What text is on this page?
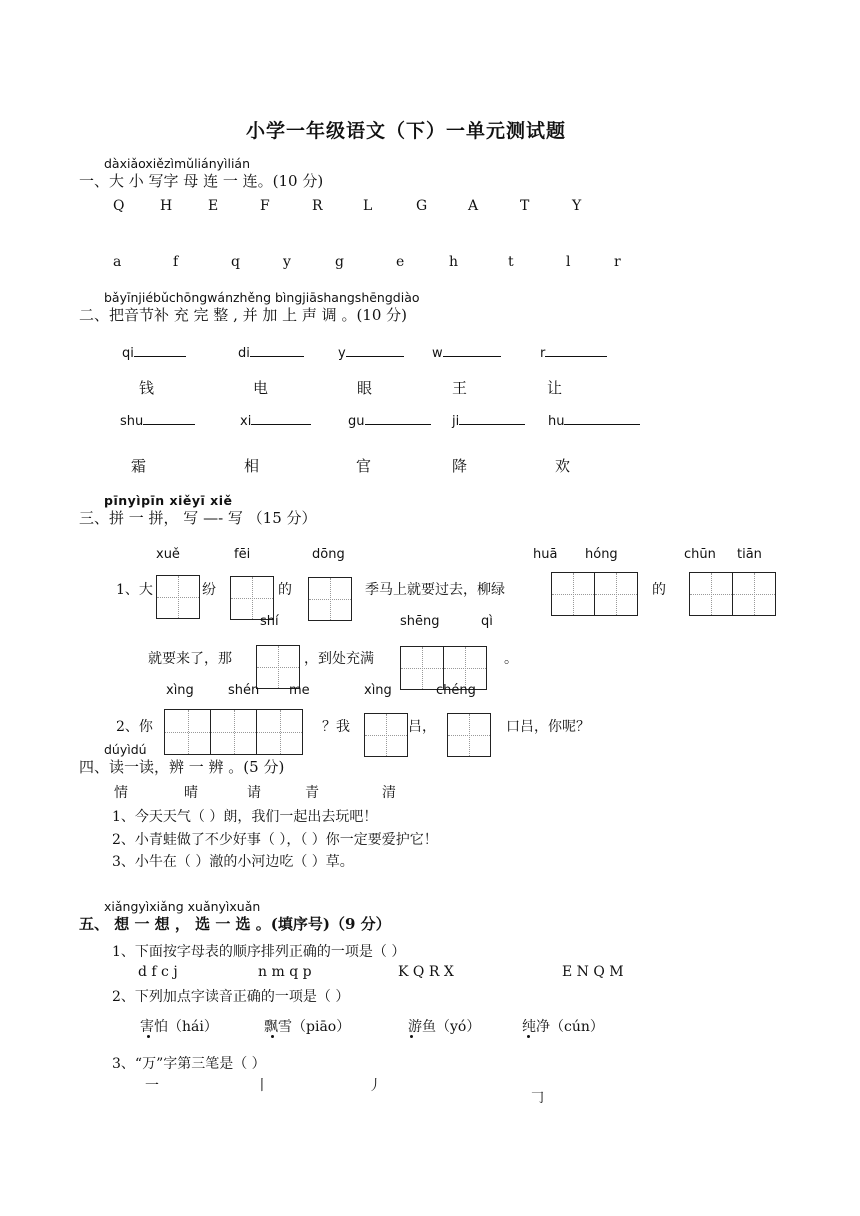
小学一年级语文（下）一单元测试题
dàxiǎoxiězìmǔliányìlián
一、大 小 写字 母 连 一 连。(10 分)
Q	H	E	F	R	L	G	A	T	Y
a	f	q	y	g	e	h	t	l	r
bǎyīnjiébǔchōngwánzhěng bìngjiāshangshēngdiào
二、把音节补 充 完 整 , 并 加 上 声 调 。(10 分)
qi	di	y	w	r
钱	电	眼	王	让
shu	xi	gu	ji	hu
霜	相	官	降	欢
pīnyìpīn xiěyī xiě
三、拼 一 拼， 写 —- 写 （15 分）
xuě	fēi	dōng	huā hóng	chūn tiān
1、大	纷	的	季马上就要过去，柳绿	的
shí	shēng	qì
就要来了，那	，到处充满	。
xìng	shén me	xìng	chéng
2、你	？我	吕，	口吕，你呢？
dúyìdú
四、读一读，辨 一 辨 。(5 分)
情	晴	请	青	清
1、今天天气（ ）朗，我们一起出去玩吧！
2、小青蛙做了不少好事（ ），（ ）你一定要爱护它！
3、小牛在（ ）澈的小河边吃（ ）草。
xiǎngyìxiǎng xuǎnyìxuǎn
五、 想 一 想 ， 选 一 选 。(填序号)（9 分）
1、下面按字母表的顺序排列正确的一项是（ ）
d f c j	n m q p	K Q R X	E N Q M
2、下列加点字读音正确的一项是（ ）
害怕（hái）	飘雪（piāo）	游鱼（yó）	纯净（cún）
3、“万”字第三笔是（ ）
一	丨	丿
𠃌
